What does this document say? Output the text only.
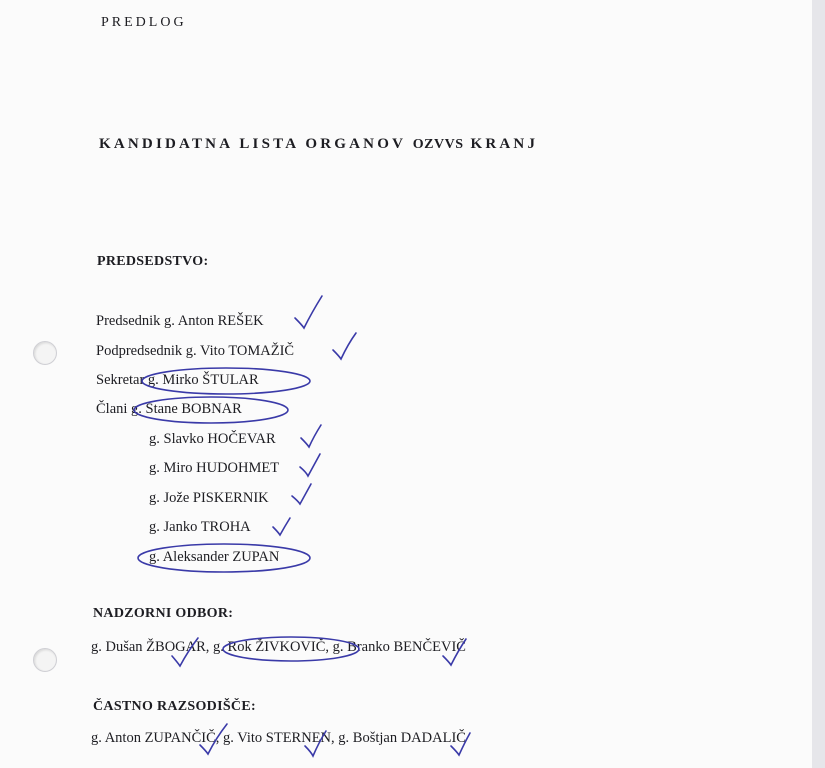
PREDLOG
KANDIDATNA LISTA ORGANOV OZVVS KRANJ
PREDSEDSTVO:
Predsednik g. Anton REŠEK
Podpredsednik g. Vito TOMAŽIČ
Sekretar g. Mirko ŠTULAR
Člani g. Stane BOBNAR
g. Slavko HOČEVAR
g. Miro HUDOHMET
g. Jože PISKERNIK
g. Janko TROHA
g. Aleksander ZUPAN
NADZORNI ODBOR:
g. Dušan ŽBOGAR, g. Rok ŽIVKOVIČ, g. Branko BENČEVIČ
ČASTNO RAZSODIŠČE:
g. Anton ZUPANČIČ, g. Vito STERNEN, g. Boštjan DADALIČ
